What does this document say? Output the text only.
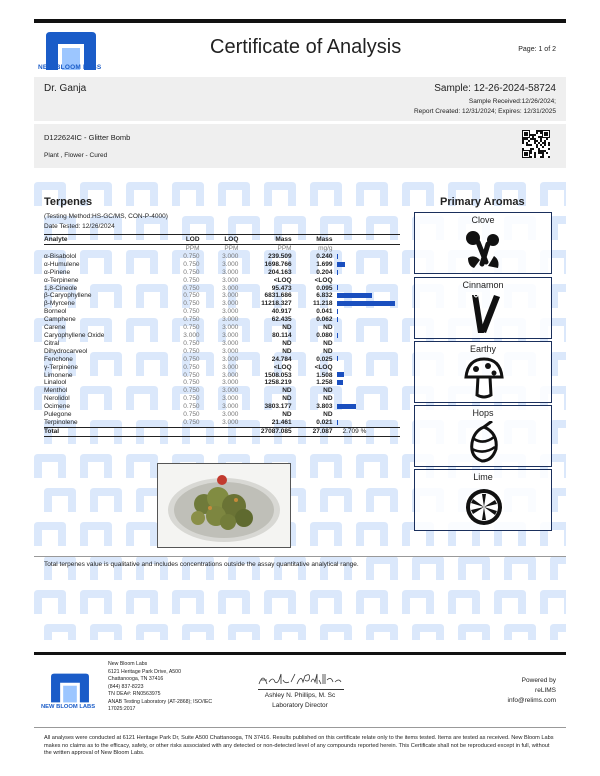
NEW BLOOM LABS
Certificate of Analysis	Page: 1 of 2
Dr. Ganja	Sample: 12-26-2024-58724
Sample Received:12/26/2024;
Report Created: 12/31/2024; Expires: 12/31/2025
D122624IC - Glitter Bomb
Plant , Flower - Cured
Terpenes
(Testing Method:HS-GC/MS, CON-P-4000)
Date Tested: 12/26/2024
Analyte	LOD	LOQ	Mass	Mass	
	PPM	PPM	PPM	mg/g	
α-Bisabolol	0.750	3.000	239.509	0.240	
α-Humulene	0.750	3.000	1698.766	1.699	
α-Pinene	0.750	3.000	204.163	0.204	
α-Terpinene	0.750	3.000	<LOQ	<LOQ	
1,8-Cineole	0.750	3.000	95.473	0.095	
β-Caryophyllene	0.750	3.000	6831.686	6.832	
β-Myrcene	0.750	3.000	11218.327	11.218	
Borneol	0.750	3.000	40.917	0.041	
Camphene	0.750	3.000	62.435	0.062	
Carene	0.750	3.000	ND	ND	
Caryophyllene Oxide	3.000	3.000	80.114	0.080	
Citral	0.750	3.000	ND	ND	
Dihydrocarveol	0.750	3.000	ND	ND	
Fenchone	0.750	3.000	24.784	0.025	
γ-Terpinene	0.750	3.000	<LOQ	<LOQ	
Limonene	0.750	3.000	1508.053	1.508	
Linalool	0.750	3.000	1258.219	1.258	
Menthol	0.750	3.000	ND	ND	
Nerolidol	0.750	3.000	ND	ND	
Ocimene	0.750	3.000	3803.177	3.803	
Pulegone	0.750	3.000	ND	ND	
Terpinolene	0.750	3.000	21.461	0.021	
Total			27087.085	27.087	2.709 %
Primary Aromas
Clove
Cinnamon
Earthy
Hops
Lime
Total terpenes value is qualitative and includes concentrations outside the assay quantitative analytical range.
NEW BLOOM LABS
New Bloom Labs
6121 Heritage Park Drive, A500
Chattanooga, TN 37416
(844) 837-8223
TN DEA#: RN0563975
ANAB Testing Laboratory (AT-2868); ISO/IEC
17025:2017
Ashley N. Phillips, M. Sc
Laboratory Director
Powered by
reLIMS
info@relims.com
All analyses were conducted at 6121 Heritage Park Dr, Suite A500 Chattanooga, TN 37416. Results published on this certificate relate only to the items tested. Items are tested as received. New Bloom Labs makes no claims as to the efficacy, safety, or other risks associated with any detected or non-detected level of any compounds reported herein. This Certificate shall not be reproduced except in full, without the written approval of New Bloom Labs.
